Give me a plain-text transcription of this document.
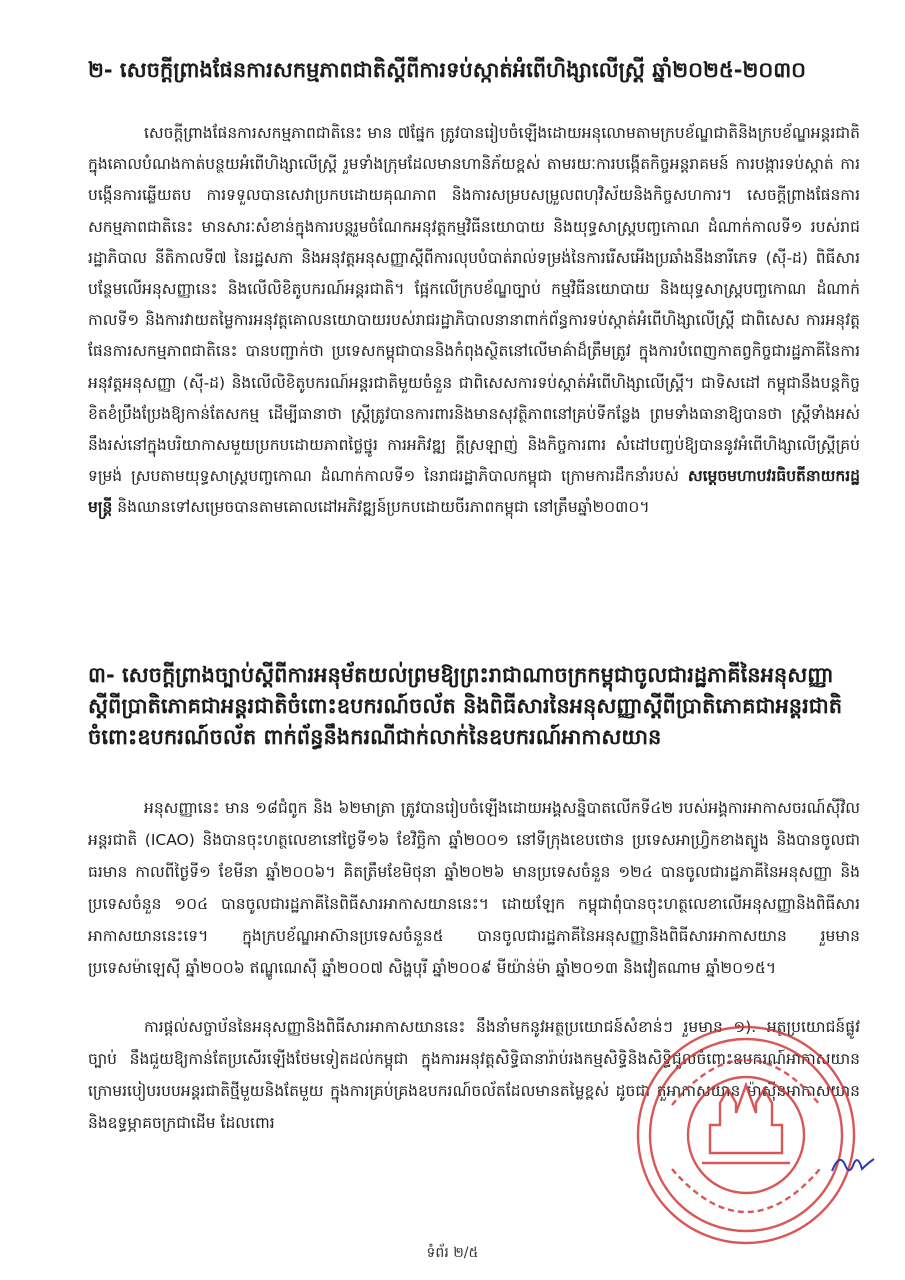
២- សេចក្តីព្រាងផែនការសកម្មភាពជាតិស្តីពីការទប់ស្កាត់អំពើហិង្សាលើស្ត្រី ឆ្នាំ២០២៥-២០៣០

សេចក្តីព្រាងផែនការសកម្មភាពជាតិនេះ មាន ៧ផ្នែក ត្រូវបានរៀបចំឡើងដោយអនុលោមតាមក្របខ័ណ្ឌជាតិនិងក្របខ័ណ្ឌអន្តរជាតិ ក្នុងគោលបំណងកាត់បន្ថយអំពើហិង្សាលើស្ត្រី រួមទាំងក្រុមដែលមានហានិភ័យខ្ពស់ តាមរយៈការបង្កើតកិច្ចអន្តរាគមន៍ ការបង្ការទប់ស្កាត់ ការបង្កើនការឆ្លើយតប ការទទួលបានសេវាប្រកបដោយគុណភាព និងការសម្របសម្រួលពហុវិស័យនិងកិច្ចសហការ។ សេចក្តីព្រាងផែនការសកម្មភាពជាតិនេះ មានសារៈសំខាន់ក្នុងការបន្តរួមចំណែកអនុវត្តកម្មវិធីនយោបាយ និងយុទ្ធសាស្ត្របញ្ចកោណ ដំណាក់កាលទី១ របស់រាជរដ្ឋាភិបាល នីតិកាលទី៧ នៃរដ្ឋសភា និងអនុវត្តអនុសញ្ញាស្តីពីការលុបបំបាត់រាល់ទម្រង់នៃការរើសអើងប្រឆាំងនឹងនារីភេទ (ស៊ី-ដ) ពិធីសារបន្ថែមលើអនុសញ្ញានេះ និងលើលិខិតូបករណ៍អន្តរជាតិ។ ផ្អែកលើក្របខ័ណ្ឌច្បាប់ កម្មវិធីនយោបាយ និងយុទ្ធសាស្ត្របញ្ចកោណ ដំណាក់កាលទី១ និងការវាយតម្លៃការអនុវត្តគោលនយោបាយរបស់រាជរដ្ឋាភិបាលនានាពាក់ព័ន្ធការទប់ស្កាត់អំពើហិង្សាលើស្ត្រី ជាពិសេស ការអនុវត្តផែនការសកម្មភាពជាតិនេះ បានបញ្ជាក់ថា ប្រទេសកម្ពុជាបាននិងកំពុងស្ថិតនៅលើមាគ៌ាដ៏ត្រឹមត្រូវ ក្នុងការបំពេញកាតព្វកិច្ចជារដ្ឋភាគីនៃការអនុវត្តអនុសញ្ញា (ស៊ី-ដ) និងលើលិខិតូបករណ៍អន្តរជាតិមួយចំនួន ជាពិសេសការទប់ស្កាត់អំពើហិង្សាលើស្ត្រី។ ជាទិសដៅ កម្ពុជានឹងបន្តកិច្ចខិតខំប្រឹងប្រែងឱ្យកាន់តែសកម្ម ដើម្បីធានាថា ស្ត្រីត្រូវបានការពារនិងមានសុវត្ថិភាពនៅគ្រប់ទីកន្លែង ព្រមទាំងធានាឱ្យបានថា ស្ត្រីទាំងអស់នឹងរស់នៅក្នុងបរិយាកាសមួយប្រកបដោយភាពថ្លៃថ្នូរ ការអភិវឌ្ឍ ក្តីស្រឡាញ់ និងកិច្ចការពារ សំដៅបញ្ចប់ឱ្យបាននូវអំពើហិង្សាលើស្ត្រីគ្រប់ទម្រង់ ស្របតាមយុទ្ធសាស្ត្របញ្ចកោណ ដំណាក់កាលទី១ នៃរាជរដ្ឋាភិបាលកម្ពុជា ក្រោមការដឹកនាំរបស់ សម្តេចមហាបវរធិបតីនាយករដ្ឋមន្ត្រី និងឈានទៅសម្រេចបានតាមគោលដៅអភិវឌ្ឍន៍ប្រកបដោយចីរភាពកម្ពុជា នៅត្រឹមឆ្នាំ២០៣០។

៣- សេចក្តីព្រាងច្បាប់ស្តីពីការអនុម័តយល់ព្រមឱ្យព្រះរាជាណាចក្រកម្ពុជាចូលជារដ្ឋភាគីនៃអនុសញ្ញាស្តីពីប្រាតិភោគជាអន្តរជាតិចំពោះឧបករណ៍ចល័ត និងពិធីសារនៃអនុសញ្ញាស្តីពីប្រាតិភោគជាអន្តរជាតិចំពោះឧបករណ៍ចល័ត ពាក់ព័ន្ធនឹងករណីជាក់លាក់នៃឧបករណ៍អាកាសយាន

អនុសញ្ញានេះ មាន ១៨ជំពូក និង ៦២មាត្រា ត្រូវបានរៀបចំឡើងដោយអង្គសន្និបាតលើកទី៤២ របស់អង្គការអាកាសចរណ៍ស៊ីវិលអន្តរជាតិ (ICAO) និងបានចុះហត្ថលេខានៅថ្ងៃទី១៦ ខែវិច្ឆិកា ឆ្នាំ២០០១ នៅទីក្រុងខេបថោន ប្រទេសអាហ្វ្រិកខាងត្បូង និងបានចូលជាធរមាន កាលពីថ្ងៃទី១ ខែមីនា ឆ្នាំ២០០៦។ គិតត្រឹមខែមិថុនា ឆ្នាំ២០២៦ មានប្រទេសចំនួន ១២៤ បានចូលជារដ្ឋភាគីនៃអនុសញ្ញា និងប្រទេសចំនួន ១០៤ បានចូលជារដ្ឋភាគីនៃពិធីសារអាកាសយាននេះ។ ដោយឡែក កម្ពុជាពុំបានចុះហត្ថលេខាលើអនុសញ្ញានិងពិធីសារអាកាសយាននេះទេ។ ក្នុងក្របខ័ណ្ឌអាស៊ានប្រទេសចំនួន៥ បានចូលជារដ្ឋភាគីនៃអនុសញ្ញានិងពិធីសារអាកាសយាន រួមមាន ប្រទេសម៉ាឡេស៊ី ឆ្នាំ២០០៦ ឥណ្ឌូណេស៊ី ឆ្នាំ២០០៧ សិង្ហបុរី ឆ្នាំ២០០៩ មីយ៉ាន់ម៉ា ឆ្នាំ២០១៣ និងវៀតណាម ឆ្នាំ២០១៥។

ការផ្តល់សច្ចាប័ននៃអនុសញ្ញានិងពិធីសារអាកាសយាននេះ នឹងនាំមកនូវអត្ថប្រយោជន៍សំខាន់ៗ រួមមាន ១). អត្ថប្រយោជន៍ផ្លូវច្បាប់ នឹងជួយឱ្យកាន់តែប្រសើរឡើងថែមទៀតដល់កម្ពុជា ក្នុងការអនុវត្តសិទ្ធិធានារ៉ាប់រងកម្មសិទ្ធិនិងសិទ្ធិជួលចំពោះឧបករណ៍អាកាសយាន ក្រោមរបៀបរបបអន្តរជាតិថ្មីមួយនិងតែមួយ ក្នុងការគ្រប់គ្រងឧបករណ៍ចល័តដែលមានតម្លៃខ្ពស់ ដូចជា តួអាកាសយាន ម៉ាស៊ីនអាកាសយាន និងឧទ្ធម្ភាគចក្រជាដើម ដែលពោរ

ទំព័រ ២/៥
